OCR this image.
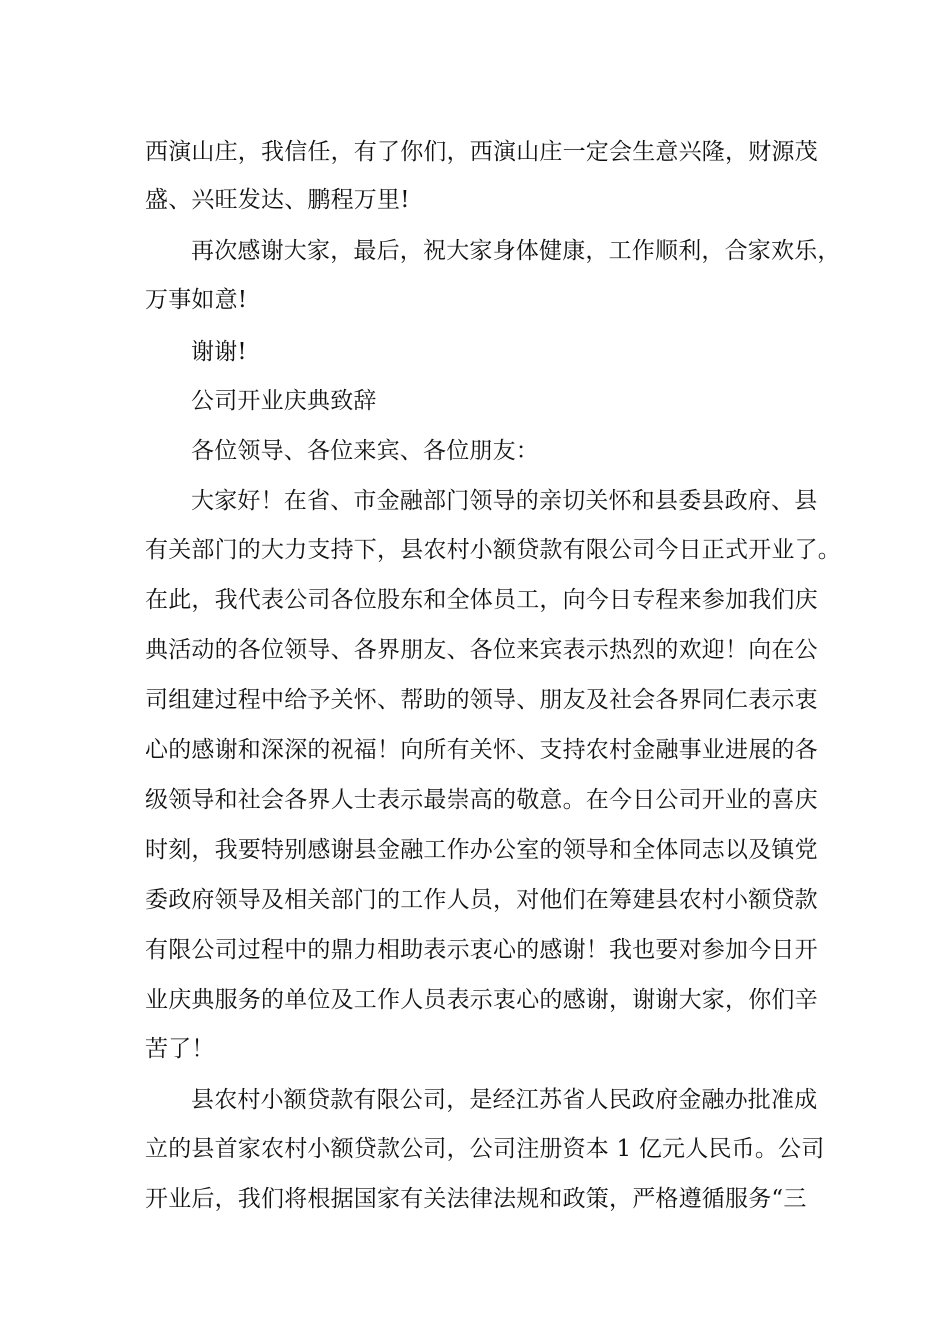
西演山庄，我信任，有了你们，西演山庄一定会生意兴隆，财源茂

盛、兴旺发达、鹏程万里!

再次感谢大家，最后，祝大家身体健康，工作顺利，合家欢乐，

万事如意!

谢谢!

公司开业庆典致辞

各位领导、各位来宾、各位朋友：

大家好！在省、市金融部门领导的亲切关怀和县委县政府、县

有关部门的大力支持下，县农村小额贷款有限公司今日正式开业了。

在此，我代表公司各位股东和全体员工，向今日专程来参加我们庆

典活动的各位领导、各界朋友、各位来宾表示热烈的欢迎！向在公

司组建过程中给予关怀、帮助的领导、朋友及社会各界同仁表示衷

心的感谢和深深的祝福！向所有关怀、支持农村金融事业进展的各

级领导和社会各界人士表示最崇高的敬意。在今日公司开业的喜庆

时刻，我要特别感谢县金融工作办公室的领导和全体同志以及镇党

委政府领导及相关部门的工作人员，对他们在筹建县农村小额贷款

有限公司过程中的鼎力相助表示衷心的感谢！我也要对参加今日开

业庆典服务的单位及工作人员表示衷心的感谢，谢谢大家，你们辛

苦了！

县农村小额贷款有限公司，是经江苏省人民政府金融办批准成

立的县首家农村小额贷款公司，公司注册资本 1 亿元人民币。公司

开业后，我们将根据国家有关法律法规和政策，严格遵循服务“三
